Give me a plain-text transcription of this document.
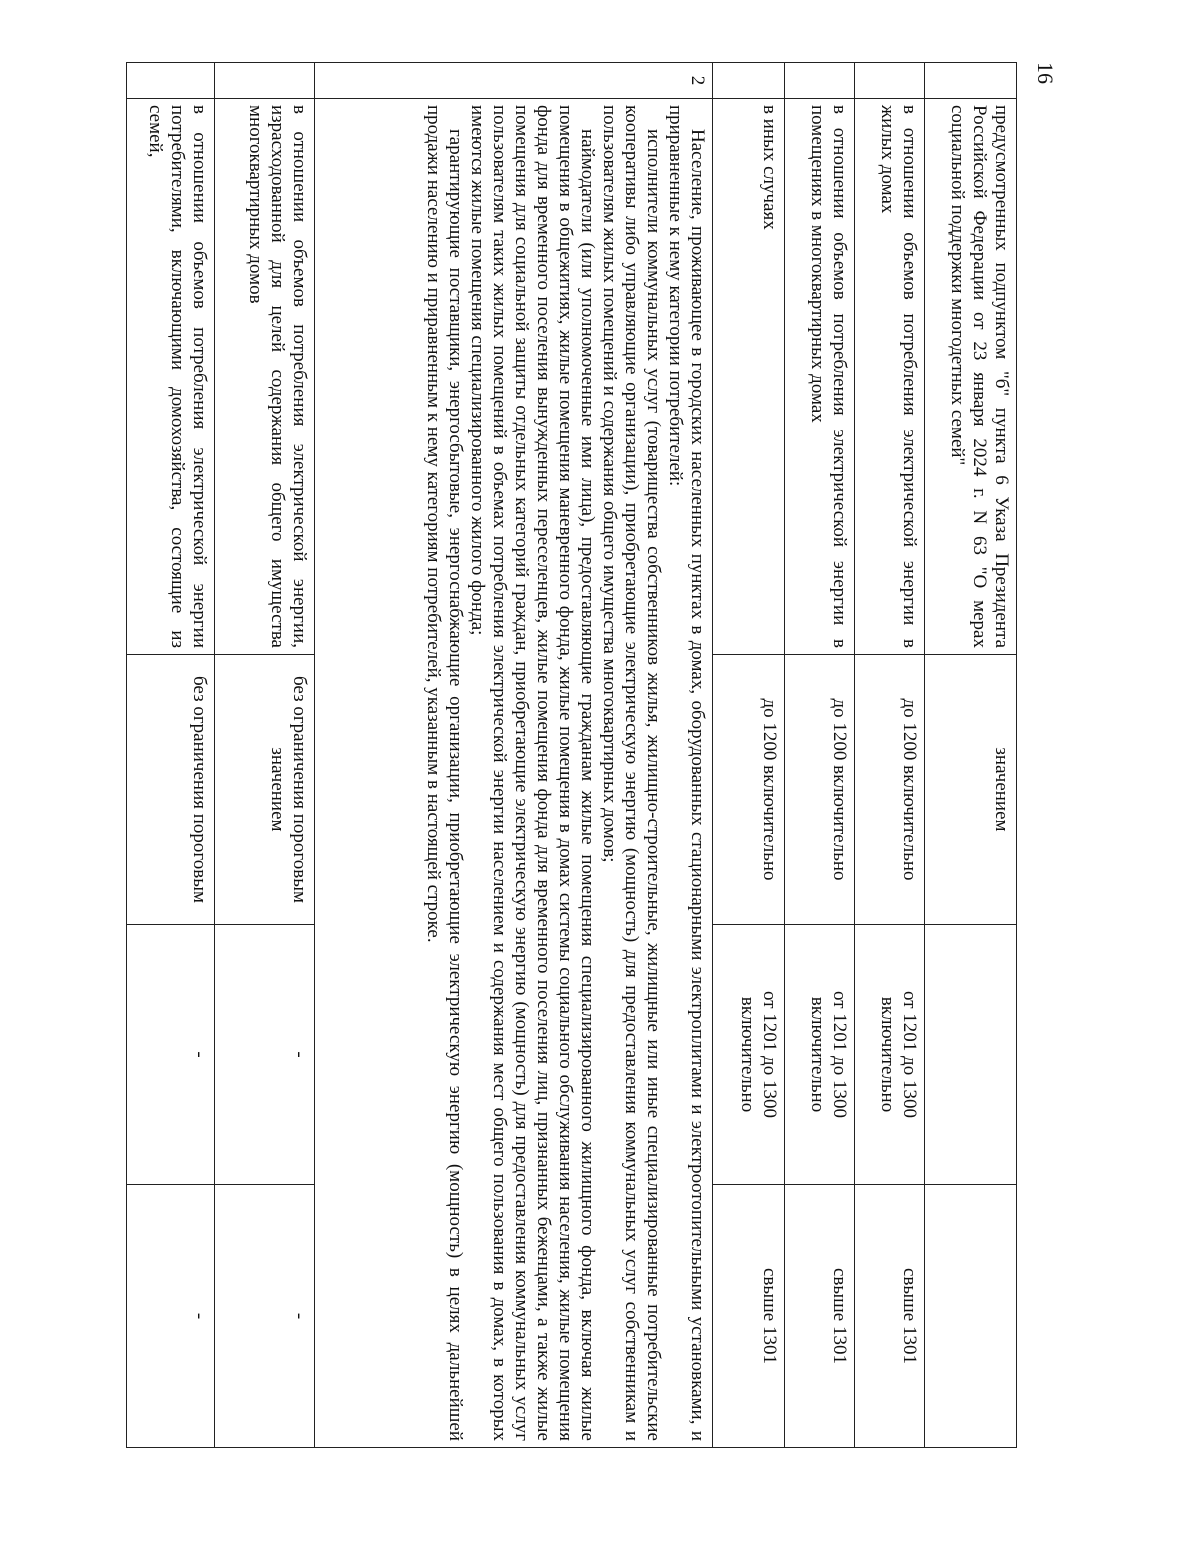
16
	предусмотренных подпунктом "б" пункта 6 Указа Президента Российской Федерации от 23 января 2024 г. N 63 "О мерах социальной поддержки многодетных семей"	значением		
	в отношении объемов потребления электрической энергии в жилых домах	до 1200 включительно	от 1201 до 1300 включительно	свыше 1301
	в отношении объемов потребления электрической энергии в помещениях в многоквартирных домах	до 1200 включительно	от 1201 до 1300 включительно	свыше 1301
	в иных случаях	до 1200 включительно	от 1201 до 1300 включительно	свыше 1301
2	Население, проживающее в городских населенных пунктах в домах, оборудованных стационарными электроплитами и электроотопительными установками, и приравненные к нему категории потребителей:

исполнители коммунальных услуг (товарищества собственников жилья, жилищно-строительные, жилищные или иные специализированные потребительские кооперативы либо управляющие организации), приобретающие электрическую энергию (мощность) для предоставления коммунальных услуг собственникам и пользователям жилых помещений и содержания общего имущества многоквартирных домов;

наймодатели (или уполномоченные ими лица), предоставляющие гражданам жилые помещения специализированного жилищного фонда, включая жилые помещения в общежитиях, жилые помещения маневренного фонда, жилые помещения в домах системы социального обслуживания населения, жилые помещения фонда для временного поселения вынужденных переселенцев, жилые помещения фонда для временного поселения лиц, признанных беженцами, а также жилые помещения для социальной защиты отдельных категорий граждан, приобретающие электрическую энергию (мощность) для предоставления коммунальных услуг пользователям таких жилых помещений в объемах потребления электрической энергии населением и содержания мест общего пользования в домах, в которых имеются жилые помещения специализированного жилого фонда;

гарантирующие поставщики, энергосбытовые, энергоснабжающие организации, приобретающие электрическую энергию (мощность) в целях дальнейшей продажи населению и приравненным к нему категориям потребителей, указанным в настоящей строке.			

	в отношении объемов потребления электрической энергии, израсходованной для целей содержания общего имущества многоквартирных домов	без ограничения пороговым значением	-	-
	в отношении объемов потребления электрической энергии потребителями, включающими домохозяйства, состоящие из семей,	без ограничения пороговым	-	-
